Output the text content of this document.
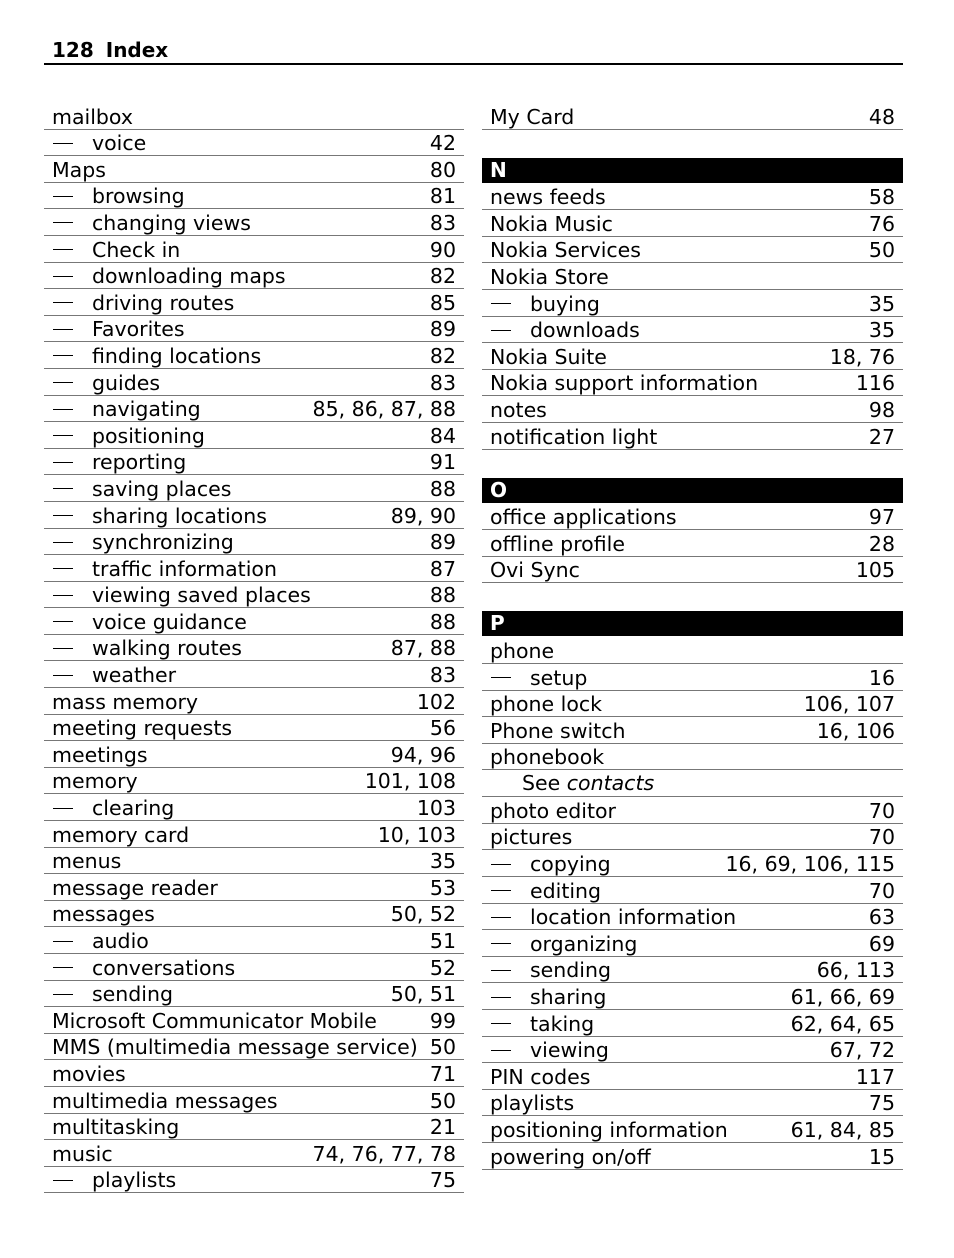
128 Index
mailbox
voice	42
Maps	80
browsing	81
changing views	83
Check in	90
downloading maps	82
driving routes	85
Favorites	89
finding locations	82
guides	83
navigating	85, 86, 87, 88
positioning	84
reporting	91
saving places	88
sharing locations	89, 90
synchronizing	89
traffic information	87
viewing saved places	88
voice guidance	88
walking routes	87, 88
weather	83
mass memory	102
meeting requests	56
meetings	94, 96
memory	101, 108
clearing	103
memory card	10, 103
menus	35
message reader	53
messages	50, 52
audio	51
conversations	52
sending	50, 51
Microsoft Communicator Mobile	99
MMS (multimedia message service) 50
movies	71
multimedia messages	50
multitasking	21
music	74, 76, 77, 78
playlists	75
My Card	48
N
news feeds	58
Nokia Music	76
Nokia Services	50
Nokia Store
buying	35
downloads	35
Nokia Suite	18, 76
Nokia support information	116
notes	98
notification light	27
O
office applications	97
offline profile	28
Ovi Sync	105
P
phone
setup	16
phone lock	106, 107
Phone switch	16, 106
phonebook
See contacts
photo editor	70
pictures	70
copying	16, 69, 106, 115
editing	70
location information	63
organizing	69
sending	66, 113
sharing	61, 66, 69
taking	62, 64, 65
viewing	67, 72
PIN codes	117
playlists	75
positioning information	61, 84, 85
powering on/off	15
